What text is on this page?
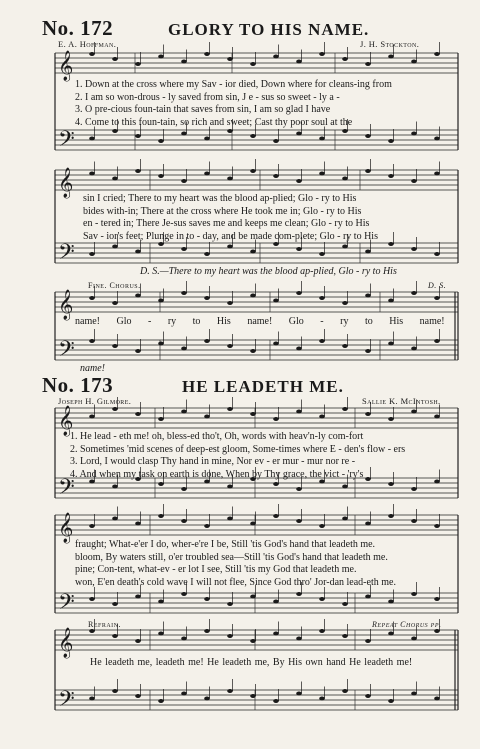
𝄞
𝄢
𝄞
𝄢
𝄞
𝄢
𝄞
𝄢
𝄞
𝄢
𝄞
𝄢
No. 172	GLORY TO HIS NAME.
E. A. Hoffman.	J. H. Stockton.
1. Down at the cross where my Sav - ior died, Down where for cleans-ing from
2. I am so won-drous - ly saved from sin, J e - sus so sweet - ly a -
3. O pre-cious foun-tain that saves from sin, I am so glad I have
4. Come to this foun-tain, so rich and sweet; Cast thy poor soul at the
sin I cried; There to my heart was the blood ap-plied; Glo - ry to His
bides with-in; There at the cross where He took me in; Glo - ry to His
en - tered in; There Je-sus saves me and keeps me clean; Glo - ry to His
Sav - ior's feet; Plunge in to - day, and be made com-plete; Glo - ry to His
D. S.—There to my heart was the blood ap-plied, Glo - ry to His
Fine. Chorus.	D. S.
name! Glo - ry to His name! Glo - ry to His name!
name!
No. 173	HE LEADETH ME.
Joseph H. Gilmore.	Sallie K. McIntosh.
1. He lead - eth me! oh, bless-ed tho't, Oh, words with heav'n-ly com-fort
2. Sometimes 'mid scenes of deep-est gloom, Some-times where E - den's flow - ers
3. Lord, I would clasp Thy hand in mine, Nor ev - er mur - mur nor re -
4. And when my task on earth is done, When by Thy grace, the vict - 'ry's
fraught; What-e'er I do, wher-e're I be, Still 'tis God's hand that leadeth me.
bloom, By waters still, o'er troubled sea—Still 'tis God's hand that leadeth me.
pine; Con-tent, what-ev - er lot I see, Still 'tis my God that leadeth me.
won, E'en death's cold wave I will not flee, Since God thro' Jor-dan lead-eth me.
Refrain.	Repeat Chorus pp.
He leadeth me, leadeth me! He leadeth me, By His own hand He leadeth me!
